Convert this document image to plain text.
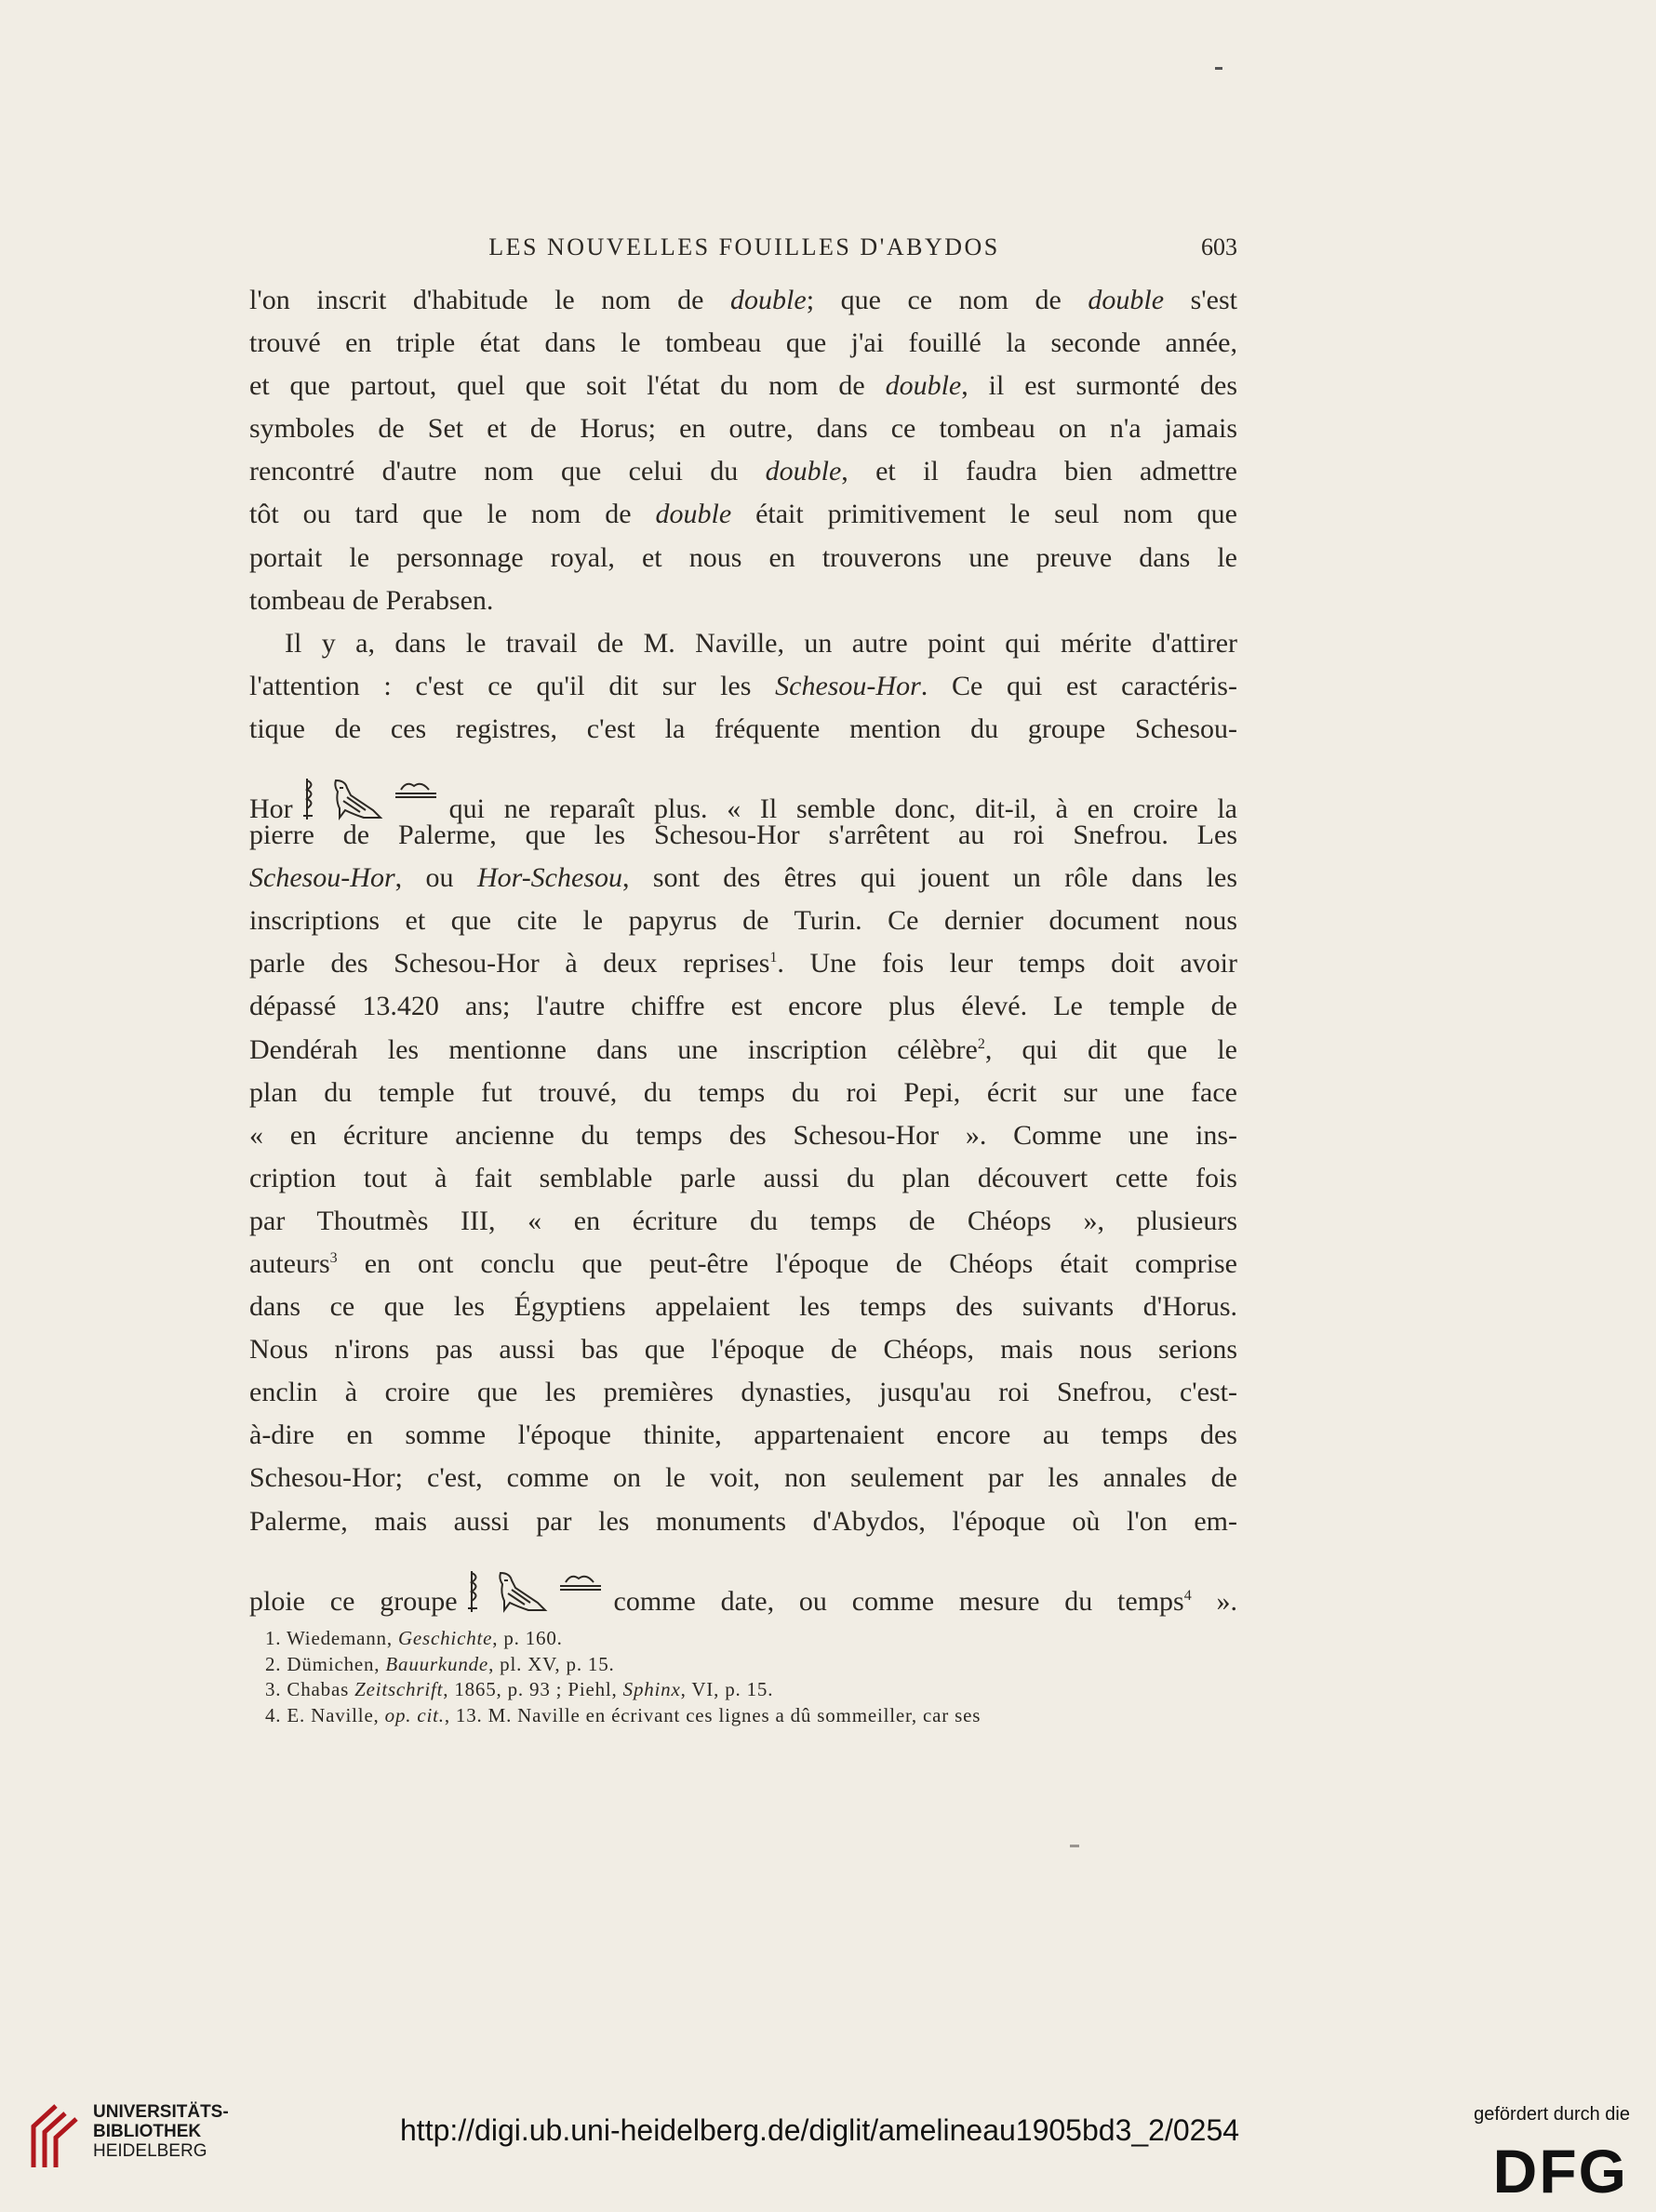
LES NOUVELLES FOUILLES D'ABYDOS	603
l'on inscrit d'habitude le nom de double; que ce nom de double s'est
trouvé en triple état dans le tombeau que j'ai fouillé la seconde année,
et que partout, quel que soit l'état du nom de double, il est surmonté des
symboles de Set et de Horus; en outre, dans ce tombeau on n'a jamais
rencontré d'autre nom que celui du double, et il faudra bien admettre
tôt ou tard que le nom de double était primitivement le seul nom que
portait le personnage royal, et nous en trouverons une preuve dans le
tombeau de Perabsen.
Il y a, dans le travail de M. Naville, un autre point qui mérite d'attirer
l'attention : c'est ce qu'il dit sur les Schesou-Hor. Ce qui est caractéris-
tique de ces registres, c'est la fréquente mention du groupe Schesou-
Hor	qui ne reparaît plus. « Il semble donc, dit-il, à en croire la
pierre de Palerme, que les Schesou-Hor s'arrêtent au roi Snefrou. Les
Schesou-Hor, ou Hor-Schesou, sont des êtres qui jouent un rôle dans les
inscriptions et que cite le papyrus de Turin. Ce dernier document nous
parle des Schesou-Hor à deux reprises$^1$. Une fois leur temps doit avoir
dépassé 13.420 ans; l'autre chiffre est encore plus élevé. Le temple de
Dendérah les mentionne dans une inscription célèbre$^2$, qui dit que le
plan du temple fut trouvé, du temps du roi Pepi, écrit sur une face
« en écriture ancienne du temps des Schesou-Hor ». Comme une ins-
cription tout à fait semblable parle aussi du plan découvert cette fois
par Thoutmès III, « en écriture du temps de Chéops », plusieurs
auteurs$^3$ en ont conclu que peut-être l'époque de Chéops était comprise
dans ce que les Égyptiens appelaient les temps des suivants d'Horus.
Nous n'irons pas aussi bas que l'époque de Chéops, mais nous serions
enclin à croire que les premières dynasties, jusqu'au roi Snefrou, c'est-
à-dire en somme l'époque thinite, appartenaient encore au temps des
Schesou-Hor; c'est, comme on le voit, non seulement par les annales de
Palerme, mais aussi par les monuments d'Abydos, l'époque où l'on em-
ploie ce groupe	comme date, ou comme mesure du temps$^4$ ».
1. Wiedemann, Geschichte, p. 160.
2. Dümichen, Bauurkunde, pl. XV, p. 15.
3. Chabas Zeitschrift, 1865, p. 93 ; Piehl, Sphinx, VI, p. 15.
4. E. Naville, op. cit., 13. M. Naville en écrivant ces lignes a dû sommeiller, car ses
UNIVERSITÄTS-
BIBLIOTHEK
HEIDELBERG
http://digi.ub.uni-heidelberg.de/diglit/amelineau1905bd3_2/0254	gefördert durch die
DFG
